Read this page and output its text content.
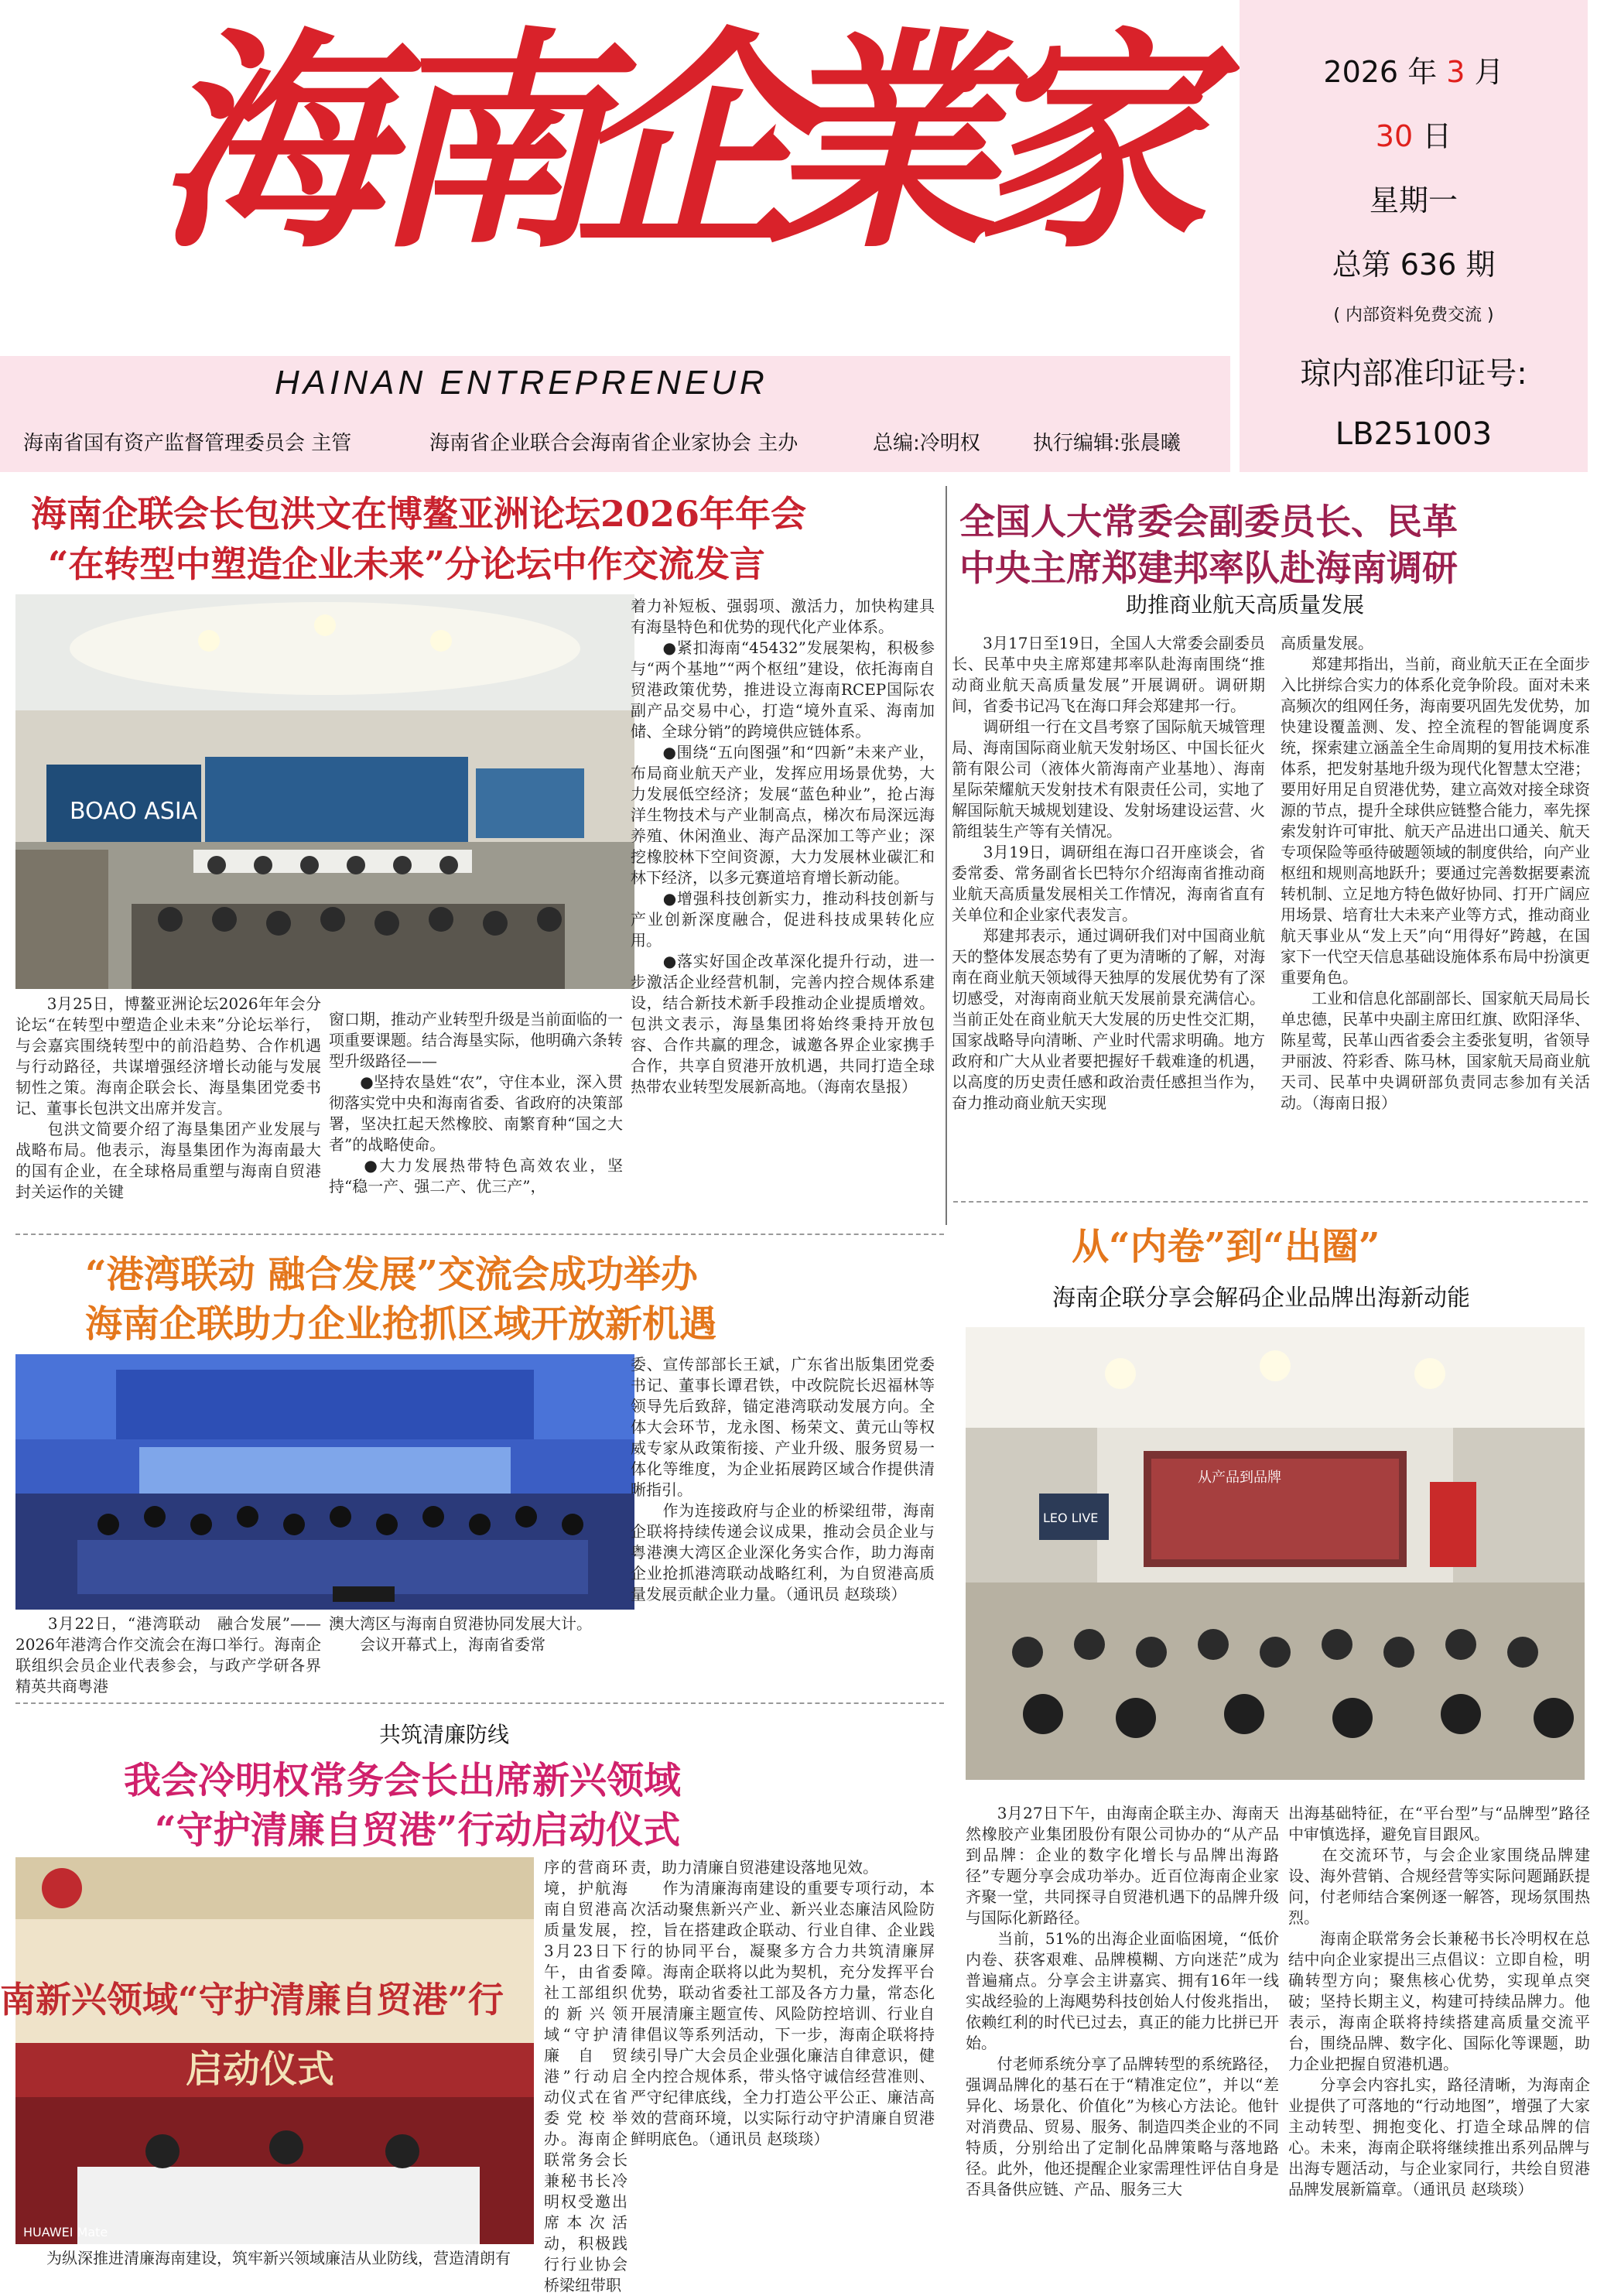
海
南
企
業
家
HAINAN ENTREPRENEUR
海南省国有资产监督管理委员会 主管	海南省企业联合会海南省企业家协会 主办	总编:冷明权	执行编辑:张晨曦
2026 年 3 月
30 日
星期一
总第 636 期
( 内部资料免费交流 )
琼内部准印证号:
LB251003
海南企联会长包洪文在博鳌亚洲论坛2026年年会
“在转型中塑造企业未来”分论坛中作交流发言
BOAO ASIA
着力补短板、强弱项、激活力，加快构建具有海垦特色和优势的现代化产业体系。
　　●紧扣海南“45432”发展架构，积极参与“两个基地”“两个枢纽”建设，依托海南自贸港政策优势，推进设立海南RCEP国际农副产品交易中心，打造“境外直采、海南加储、全球分销”的跨境供应链体系。
　　●围绕“五向图强”和“四新”未来产业，布局商业航天产业，发挥应用场景优势，大力发展低空经济；发展“蓝色种业”，抢占海洋生物技术与产业制高点，梯次布局深远海养殖、休闲渔业、海产品深加工等产业；深挖橡胶林下空间资源，大力发展林业碳汇和林下经济，以多元赛道培育增长新动能。
　　●增强科技创新实力，推动科技创新与产业创新深度融合，促进科技成果转化应用。
　　●落实好国企改革深化提升行动，进一步激活企业经营机制，完善内控合规体系建设，结合新技术新手段推动企业提质增效。包洪文表示，海垦集团将始终秉持开放包容、合作共赢的理念，诚邀各界企业家携手合作，共享自贸港开放机遇，共同打造全球热带农业转型发展新高地。（海南农垦报）
　　3月25日，博鳌亚洲论坛2026年年会分论坛“在转型中塑造企业未来”分论坛举行，与会嘉宾围绕转型中的前沿趋势、合作机遇与行动路径，共谋增强经济增长动能与发展韧性之策。海南企联会长、海垦集团党委书记、董事长包洪文出席并发言。
　　包洪文简要介绍了海垦集团产业发展与战略布局。他表示，海垦集团作为海南最大的国有企业，在全球格局重塑与海南自贸港封关运作的关键
窗口期，推动产业转型升级是当前面临的一项重要课题。结合海垦实际，他明确六条转型升级路径——
　　●坚持农垦姓“农”，守住本业，深入贯彻落实党中央和海南省委、省政府的决策部署，坚决扛起天然橡胶、南繁育种“国之大者”的战略使命。
　　●大力发展热带特色高效农业，坚持“稳一产、强二产、优三产”，
全国人大常委会副委员长、民革
中央主席郑建邦率队赴海南调研
助推商业航天高质量发展
　　3月17日至19日，全国人大常委会副委员长、民革中央主席郑建邦率队赴海南围绕“推动商业航天高质量发展”开展调研。调研期间，省委书记冯飞在海口拜会郑建邦一行。
　　调研组一行在文昌考察了国际航天城管理局、海南国际商业航天发射场区、中国长征火箭有限公司（液体火箭海南产业基地）、海南星际荣耀航天发射技术有限责任公司，实地了解国际航天城规划建设、发射场建设运营、火箭组装生产等有关情况。
　　3月19日，调研组在海口召开座谈会，省委常委、常务副省长巴特尔介绍海南省推动商业航天高质量发展相关工作情况，海南省直有关单位和企业家代表发言。
　　郑建邦表示，通过调研我们对中国商业航天的整体发展态势有了更为清晰的了解，对海南在商业航天领域得天独厚的发展优势有了深切感受，对海南商业航天发展前景充满信心。当前正处在商业航天大发展的历史性交汇期，国家战略导向清晰、产业时代需求明确。地方政府和广大从业者要把握好千载难逢的机遇，以高度的历史责任感和政治责任感担当作为，奋力推动商业航天实现
高质量发展。
　　郑建邦指出，当前，商业航天正在全面步入比拼综合实力的体系化竞争阶段。面对未来高频次的组网任务，海南要巩固先发优势，加快建设覆盖测、发、控全流程的智能调度系统，探索建立涵盖全生命周期的复用技术标准体系，把发射基地升级为现代化智慧太空港；要用好用足自贸港优势，建立高效对接全球资源的节点，提升全球供应链整合能力，率先探索发射许可审批、航天产品进出口通关、航天专项保险等亟待破题领域的制度供给，向产业枢纽和规则高地跃升；要通过完善数据要素流转机制、立足地方特色做好协同、打开广阔应用场景、培育壮大未来产业等方式，推动商业航天事业从“发上天”向“用得好”跨越，在国家下一代空天信息基础设施体系布局中扮演更重要角色。
　　工业和信息化部副部长、国家航天局局长单忠德，民革中央副主席田红旗、欧阳泽华、陈星莺，民革山西省委会主委张复明，省领导尹丽波、符彩香、陈马林，国家航天局商业航天司、民革中央调研部负责同志参加有关活动。（海南日报）
“港湾联动 融合发展”交流会成功举办
海南企联助力企业抢抓区域开放新机遇
　　3月22日，“港湾联动　融合发展”——2026年港湾合作交流会在海口举行。海南企联组织会员企业代表参会，与政产学研各界精英共商粤港
澳大湾区与海南自贸港协同发展大计。
　　会议开幕式上，海南省委常
委、宣传部部长王斌，广东省出版集团党委书记、董事长谭君铁，中改院院长迟福林等领导先后致辞，锚定港湾联动发展方向。全体大会环节，龙永图、杨荣文、黄元山等权威专家从政策衔接、产业升级、服务贸易一体化等维度，为企业拓展跨区域合作提供清晰指引。
　　作为连接政府与企业的桥梁纽带，海南企联将持续传递会议成果，推动会员企业与粤港澳大湾区企业深化务实合作，助力海南企业抢抓港湾联动战略红利，为自贸港高质量发展贡献企业力量。（通讯员 赵琰琰）
共筑清廉防线
我会冷明权常务会长出席新兴领域
“守护清廉自贸港”行动启动仪式
南新兴领域“守护清廉自贸港”行
启动仪式
HUAWEI Mate
序的营商环境，护航海南自贸港高质量发展，3月23日下午，由省委社工部组织的新兴领域“守护清廉自贸港”行动启动仪式在省委党校举办。海南企联常务会长兼秘书长冷明权受邀出席本次活动，积极践行行业协会桥梁纽带职
　　为纵深推进清廉海南建设，筑牢新兴领域廉洁从业防线，营造清朗有
责，助力清廉自贸港建设落地见效。
　　作为清廉海南建设的重要专项行动，本次活动聚焦新兴产业、新兴业态廉洁风险防控，旨在搭建政企联动、行业自律、企业践行的协同平台，凝聚多方合力共筑清廉屏障。海南企联将以此为契机，充分发挥平台优势，联动省委社工部及各方力量，常态化开展清廉主题宣传、风险防控培训、行业自律倡议等系列活动，下一步，海南企联将持续引导广大会员企业强化廉洁自律意识，健全内控合规体系，带头恪守诚信经营准则、严守纪律底线，全力打造公平公正、廉洁高效的营商环境，以实际行动守护清廉自贸港鲜明底色。（通讯员 赵琰琰）
从“内卷”到“出圈”
海南企联分享会解码企业品牌出海新动能
从产品到品牌
LEO LIVE
　　3月27日下午，由海南企联主办、海南天然橡胶产业集团股份有限公司协办的“从产品到品牌：企业的数字化增长与品牌出海路径”专题分享会成功举办。近百位海南企业家齐聚一堂，共同探寻自贸港机遇下的品牌升级与国际化新路径。
　　当前，51%的出海企业面临困境，“低价内卷、获客艰难、品牌模糊、方向迷茫”成为普遍痛点。分享会主讲嘉宾、拥有16年一线实战经验的上海飓势科技创始人付俊兆指出，依赖红利的时代已过去，真正的能力比拼已开始。
　　付老师系统分享了品牌转型的系统路径，强调品牌化的基石在于“精准定位”，并以“差异化、场景化、价值化”为核心方法论。他针对消费品、贸易、服务、制造四类企业的不同特质，分别给出了定制化品牌策略与落地路径。此外，他还提醒企业家需理性评估自身是否具备供应链、产品、服务三大
出海基础特征，在“平台型”与“品牌型”路径中审慎选择，避免盲目跟风。
　　在交流环节，与会企业家围绕品牌建设、海外营销、合规经营等实际问题踊跃提问，付老师结合案例逐一解答，现场氛围热烈。
　　海南企联常务会长兼秘书长冷明权在总结中向企业家提出三点倡议：立即自检，明确转型方向；聚焦核心优势，实现单点突破；坚持长期主义，构建可持续品牌力。他表示，海南企联将持续搭建高质量交流平台，围绕品牌、数字化、国际化等课题，助力企业把握自贸港机遇。
　　分享会内容扎实，路径清晰，为海南企业提供了可落地的“行动地图”，增强了大家主动转型、拥抱变化、打造全球品牌的信心。未来，海南企联将继续推出系列品牌与出海专题活动，与企业家同行，共绘自贸港品牌发展新篇章。（通讯员 赵琰琰）
